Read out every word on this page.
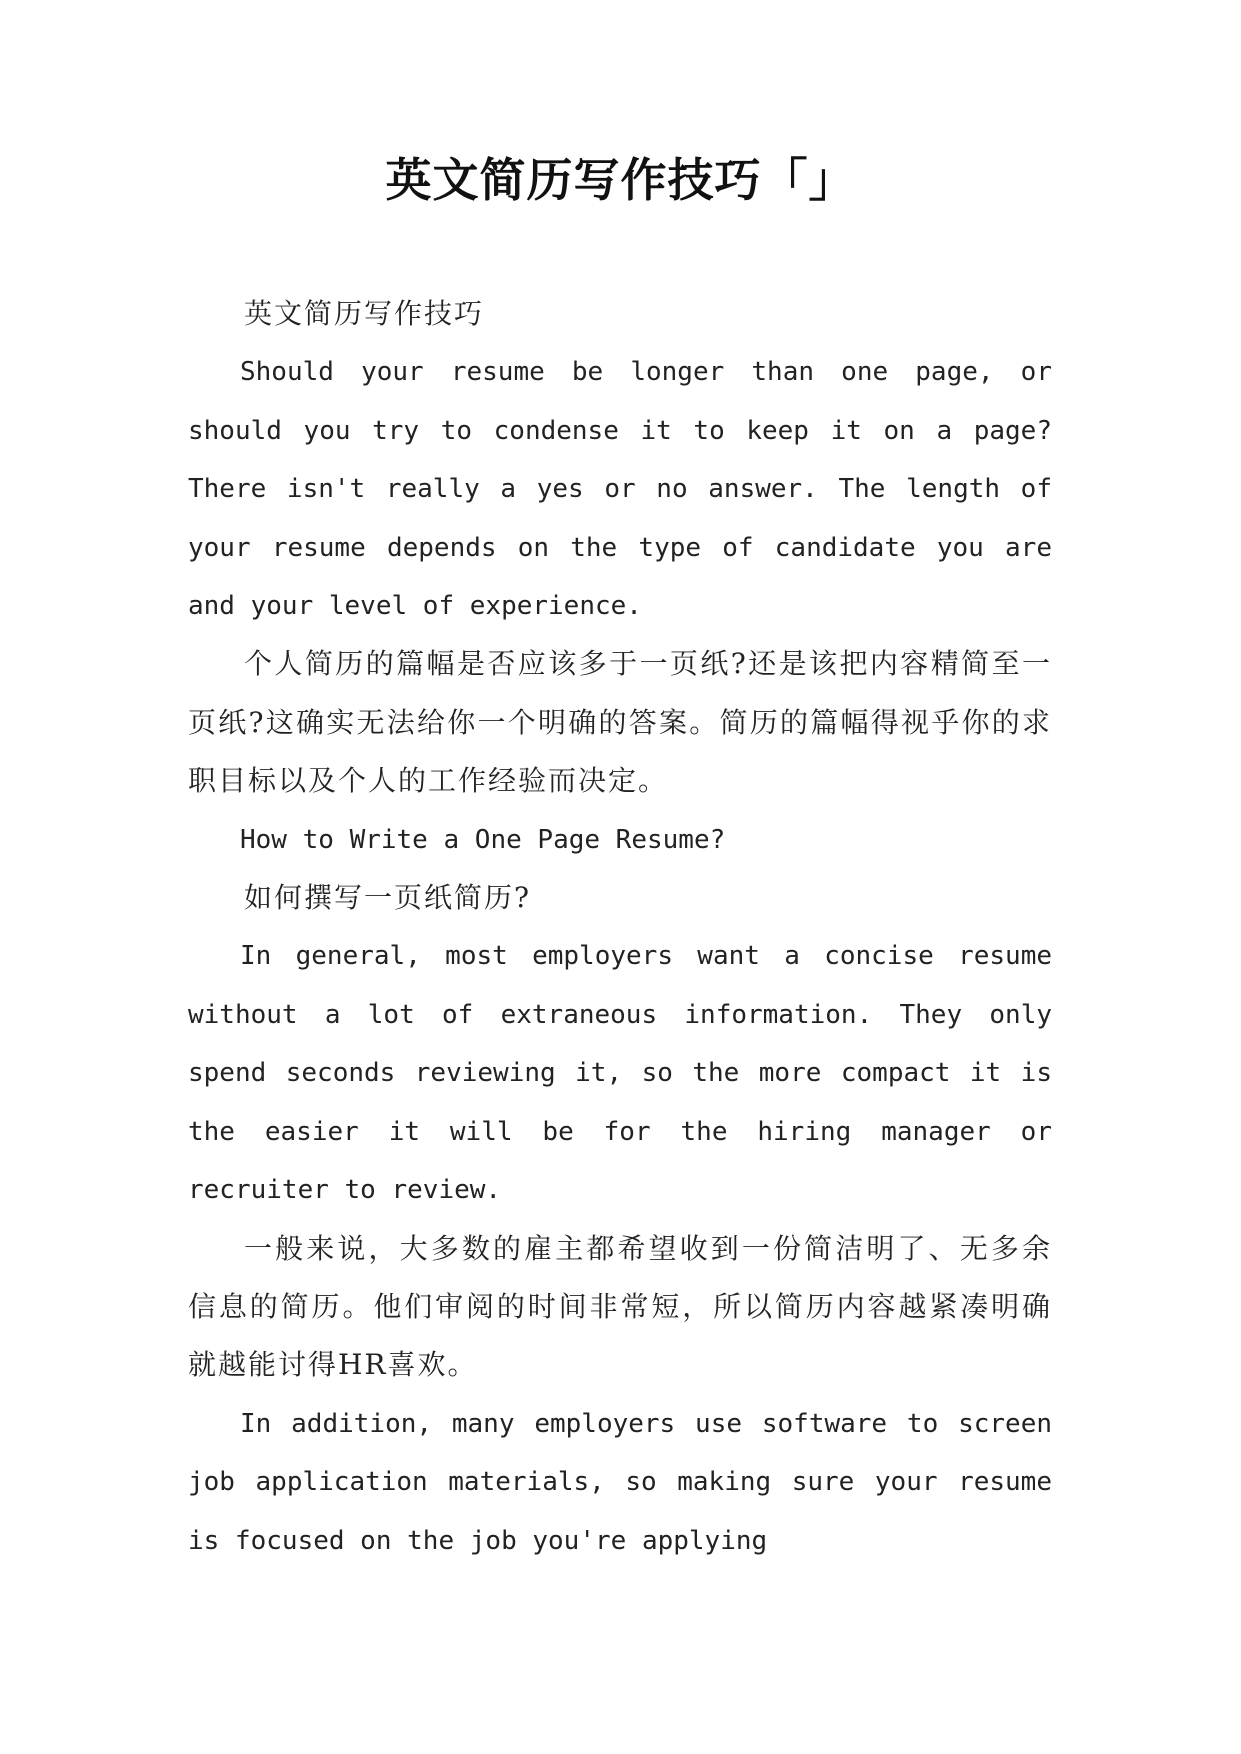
英文简历写作技巧「」

英文简历写作技巧

Should your resume be longer than one page, or should you try to condense it to keep it on a page? There isn't really a yes or no answer. The length of your resume depends on the type of candidate you are and your level of experience.

个人简历的篇幅是否应该多于一页纸?还是该把内容精简至一页纸?这确实无法给你一个明确的答案。简历的篇幅得视乎你的求职目标以及个人的工作经验而决定。

How to Write a One Page Resume?

如何撰写一页纸简历?

In general, most employers want a concise resume without a lot of extraneous information. They only spend seconds reviewing it, so the more compact it is the easier it will be for the hiring manager or recruiter to review.

一般来说，大多数的雇主都希望收到一份简洁明了、无多余信息的简历。他们审阅的时间非常短，所以简历内容越紧凑明确就越能讨得HR喜欢。

In addition, many employers use software to screen job application materials, so making sure your resume is focused on the job you're applying
